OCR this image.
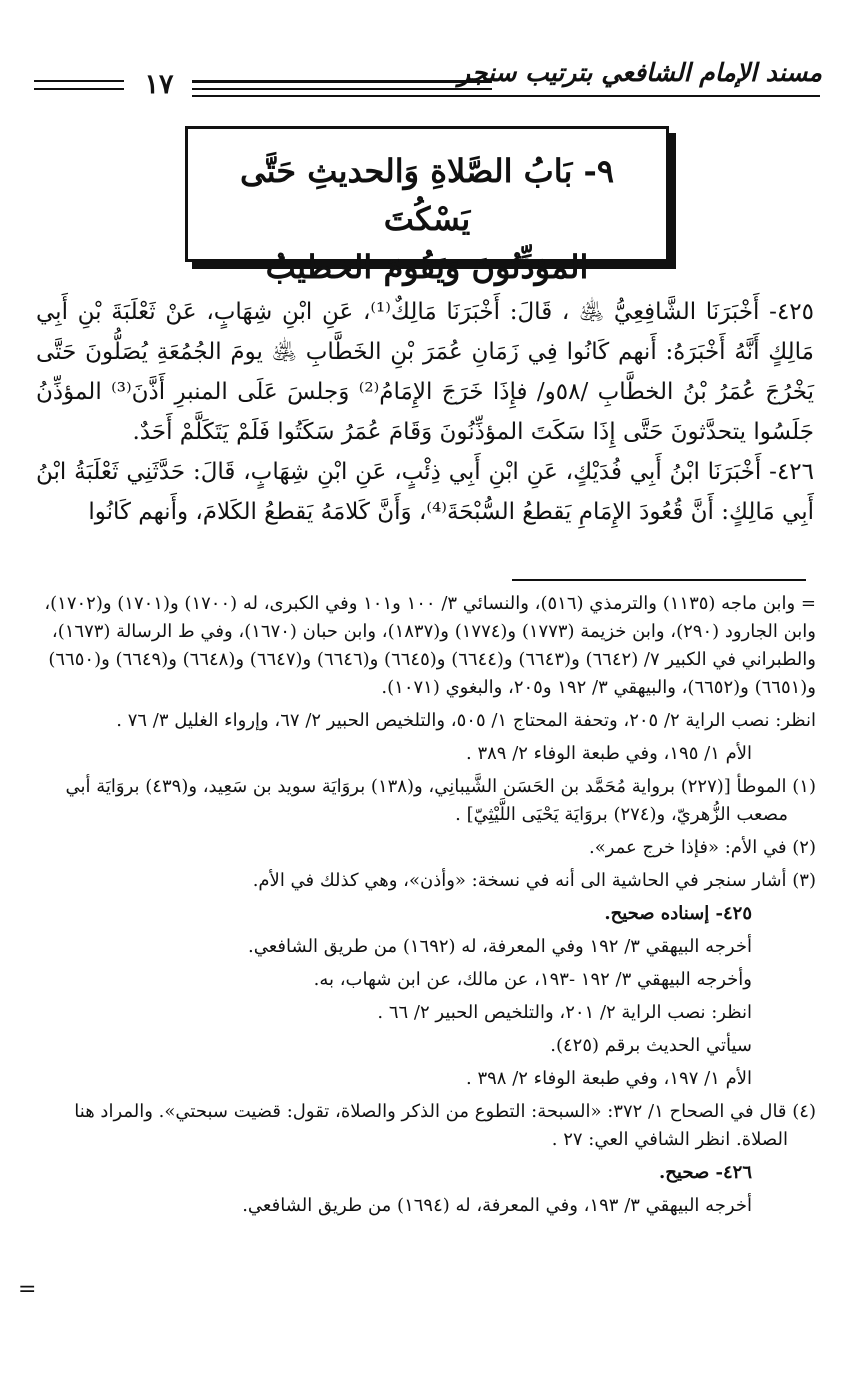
مسند الإمام الشافعي بترتيب سنجر
١٧
٩- بَابُ الصَّلاةِ وَالحديثِ حَتَّى يَسْكُتَ
المؤذِّنُونَ وَيَقُومَ الخطيبُ

٤٢٥- أَخْبَرَنَا الشَّافِعِيُّ ﵁ ، قَالَ: أَخْبَرَنَا مَالِكٌ⁽¹⁾، عَنِ ابْنِ شِهَابٍ، عَنْ ثَعْلَبَةَ بْنِ أَبِي مَالِكٍ أَنَّهُ أَخْبَرَهُ: أَنهم كَانُوا فِي زَمَانِ عُمَرَ بْنِ الخَطَّابِ ﵁ يومَ الجُمُعَةِ يُصَلُّونَ حَتَّى يَخْرُجَ عُمَرُ بْنُ الخطَّابِ /٥٨و/ فإِذَا خَرَجَ الإِمَامُ⁽²⁾ وَجلسَ عَلَى المنبرِ أَذَّنَ⁽³⁾ المؤذِّنُ جَلَسُوا يتحدَّثونَ حَتَّى إِذَا سَكَتَ المؤذِّنُونَ وَقَامَ عُمَرُ سَكَتُوا فَلَمْ يَتَكَلَّمْ أَحَدٌ.

٤٢٦- أَخْبَرَنَا ابْنُ أَبِي فُدَيْكٍ، عَنِ ابْنِ أَبِي ذِئْبٍ، عَنِ ابْنِ شِهَابٍ، قَالَ: حَدَّثَنِي ثَعْلَبَةُ ابْنُ أَبِي مَالِكٍ: أَنَّ قُعُودَ الإِمَامِ يَقطعُ السُّبْحَةَ⁽⁴⁾، وَأَنَّ كَلامَهُ يَقطعُ الكَلامَ، وأَنهم كَانُوا

= وابن ماجه (١١٣٥) والترمذي (٥١٦)، والنسائي ٣/ ١٠٠ و١٠١ وفي الكبرى، له (١٧٠٠) و(١٧٠١) و(١٧٠٢)، وابن الجارود (٢٩٠)، وابن خزيمة (١٧٧٣) و(١٧٧٤) و(١٨٣٧)، وابن حبان (١٦٧٠)، وفي ط الرسالة (١٦٧٣)، والطبراني في الكبير ٧/ (٦٦٤٢) و(٦٦٤٣) و(٦٦٤٤) و(٦٦٤٥) و(٦٦٤٦) و(٦٦٤٧) و(٦٦٤٨) و(٦٦٤٩) و(٦٦٥٠) و(٦٦٥١) و(٦٦٥٢)، والبيهقي ٣/ ١٩٢ و٢٠٥، والبغوي (١٠٧١).

انظر: نصب الراية ٢/ ٢٠٥، وتحفة المحتاج ١/ ٥٠٥، والتلخيص الحبير ٢/ ٦٧، وإرواء الغليل ٣/ ٧٦ .

الأم ١/ ١٩٥، وفي طبعة الوفاء ٢/ ٣٨٩ .

(١) الموطأ [(٢٢٧) برواية مُحَمَّد بن الحَسَن الشَّيبانِي، و(١٣٨) بروَايَة سويد بن سَعِيد، و(٤٣٩) بروَايَة أبي مصعب الزُّهريّ، و(٢٧٤) بروَايَة يَحْيَى اللَّيْثِيّ] .

(٢) في الأم: «فإذا خرج عمر».

(٣) أشار سنجر في الحاشية الى أنه في نسخة: «وأذن»، وهي كذلك في الأم.

٤٢٥- إسناده صحيح.

أخرجه البيهقي ٣/ ١٩٢ وفي المعرفة، له (١٦٩٢) من طريق الشافعي.

وأخرجه البيهقي ٣/ ١٩٢ -١٩٣، عن مالك، عن ابن شهاب، به.

انظر: نصب الراية ٢/ ٢٠١، والتلخيص الحبير ٢/ ٦٦ .

سيأتي الحديث برقم (٤٢٥).

الأم ١/ ١٩٧، وفي طبعة الوفاء ٢/ ٣٩٨ .

(٤) قال في الصحاح ١/ ٣٧٢: «السبحة: التطوع من الذكر والصلاة، تقول: قضيت سبحتي». والمراد هنا الصلاة. انظر الشافي العي: ٢٧ .

٤٢٦- صحيح.

أخرجه البيهقي ٣/ ١٩٣، وفي المعرفة، له (١٦٩٤) من طريق الشافعي.

=
